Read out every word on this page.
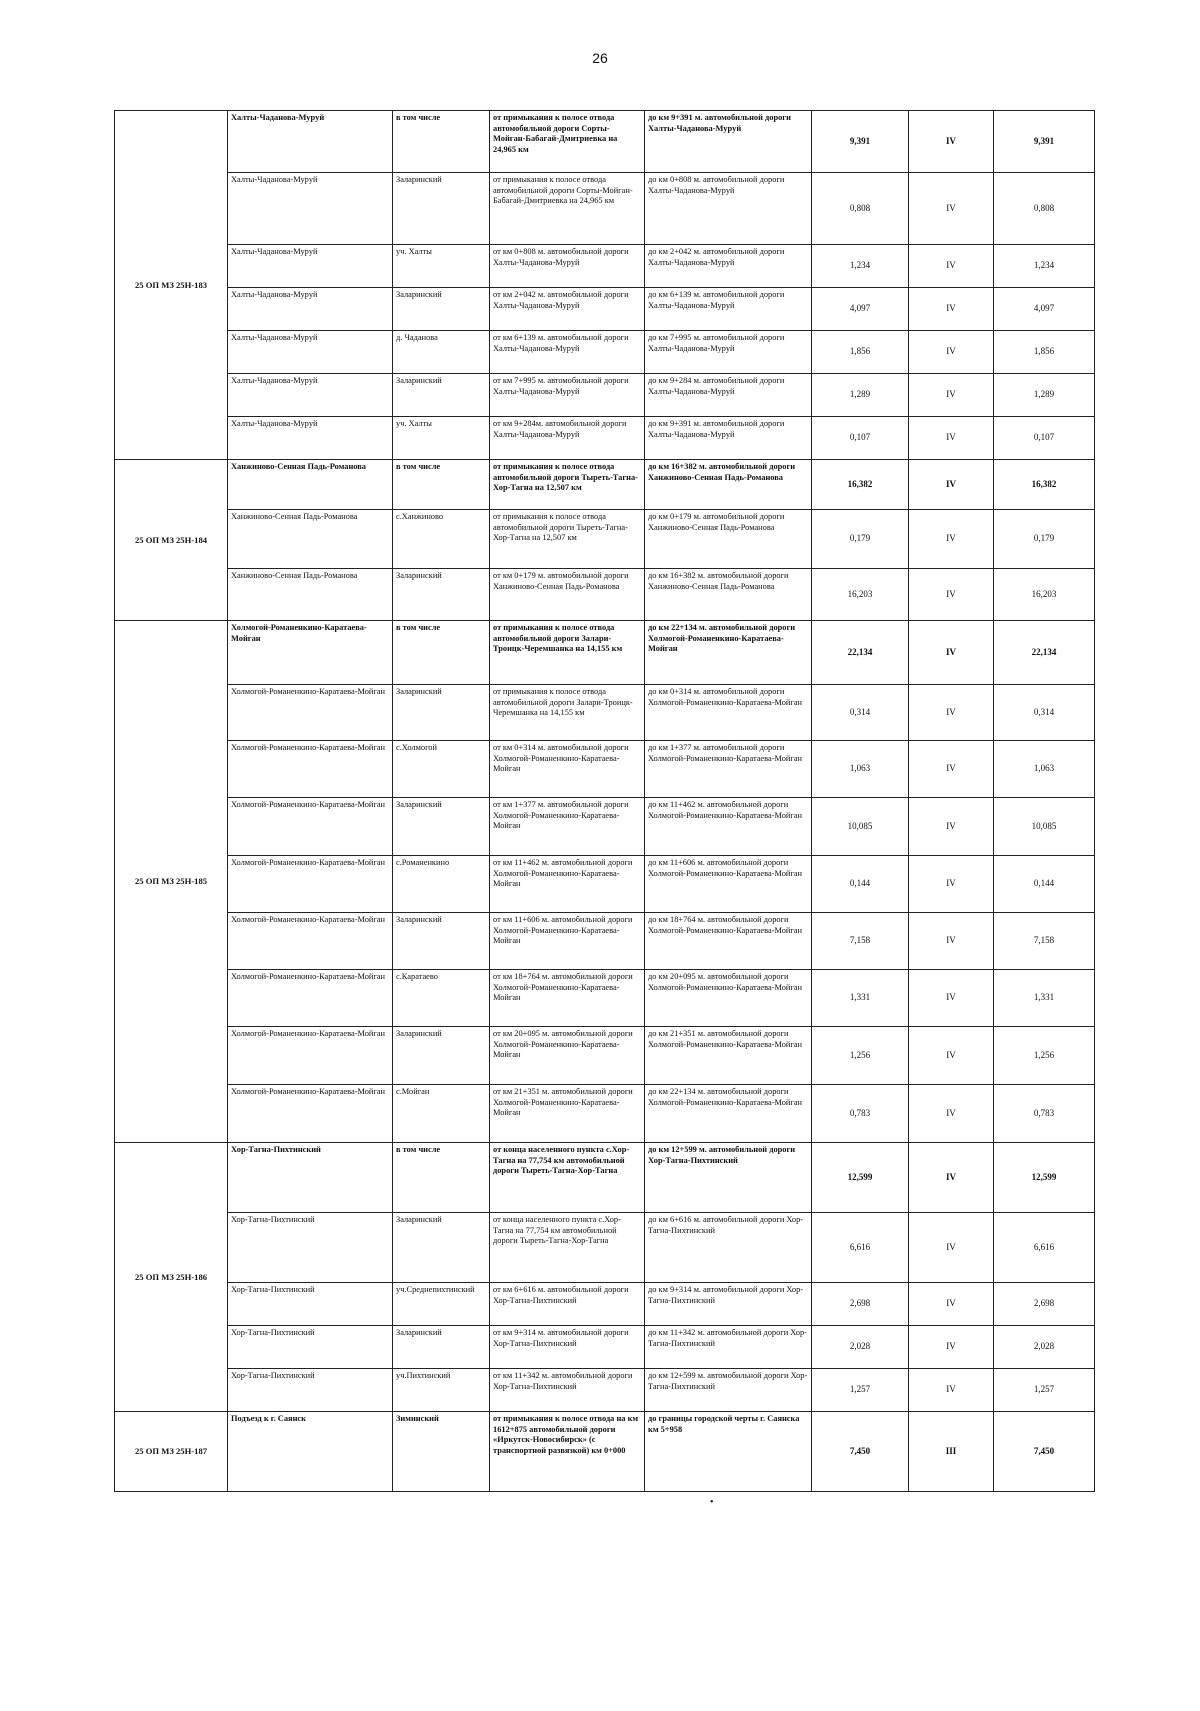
26
25 ОП МЗ 25Н-183	Халты-Чаданова-Мурyй	в том числе	от примыкания к полосе отвода автомобильной дороги Сорты-Мойган-Бабагай-Дмитриевка на 24,965 км	до км 9+391 м. автомобильной дороги Халты-Чаданова-Мурyй	9,391	IV	9,391
	Халты-Чаданова-Мурyй	Заларинский	от примыкания к полосе отвода автомобильной дороги Сорты-Мойган-Бабагай-Дмитриевка на 24,965 км	до км 0+808 м. автомобильной дороги Халты-Чаданова-Мурyй	0,808	IV	0,808
	Халты-Чаданова-Мурyй	уч. Халты	от км 0+808 м. автомобильной дороги Халты-Чаданова-Мурyй	до км 2+042 м. автомобильной дороги Халты-Чаданова-Мурyй	1,234	IV	1,234
	Халты-Чаданова-Мурyй	Заларинский	от км 2+042 м. автомобильной дороги Халты-Чаданова-Мурyй	до км 6+139 м. автомобильной дороги Халты-Чаданова-Мурyй	4,097	IV	4,097
	Халты-Чаданова-Мурyй	д. Чаданова	от км 6+139 м. автомобильной дороги Халты-Чаданова-Мурyй	до км 7+995 м. автомобильной дороги Халты-Чаданова-Мурyй	1,856	IV	1,856
	Халты-Чаданова-Мурyй	Заларинский	от км 7+995 м. автомобильной дороги Халты-Чаданова-Мурyй	до км 9+284 м. автомобильной дороги Халты-Чаданова-Мурyй	1,289	IV	1,289
	Халты-Чаданова-Мурyй	уч. Халты	от км 9+284м. автомобильной дороги Халты-Чаданова-Мурyй	до км 9+391 м. автомобильной дороги Халты-Чаданова-Мурyй	0,107	IV	0,107
25 ОП МЗ 25Н-184	Ханжиново-Сенная Падь-Романова	в том числе	от примыкания к полосе отвода автомобильной дороги Тыреть-Тагна-Хор-Тагна на 12,507 км	до км 16+382 м. автомобильной дороги Ханжиново-Сенная Падь-Романова	16,382	IV	16,382
	Ханжиново-Сенная Падь-Романова	с.Ханжиново	от примыкания к полосе отвода автомобильной дороги Тыреть-Тагна-Хор-Тагна на 12,507 км	до км 0+179 м. автомобильной дороги Ханжиново-Сенная Падь-Романова	0,179	IV	0,179
	Ханжиново-Сенная Падь-Романова	Заларинский	от км 0+179 м. автомобильной дороги Ханжиново-Сенная Падь-Романова	до км 16+382 м. автомобильной дороги Ханжиново-Сенная Падь-Романова	16,203	IV	16,203
25 ОП МЗ 25Н-185	Холмогой-Романенкино-Каратаева-Мойган	в том числе	от примыкания к полосе отвода автомобильной дороги Залари-Троицк-Черемшанка на 14,155 км	до км 22+134 м. автомобильной дороги Холмогой-Романенкино-Каратаева-Мойган	22,134	IV	22,134
	Холмогой-Романенкино-Каратаева-Мойган	Заларинский	от примыкания к полосе отвода автомобильной дороги Залари-Троицк-Черемшанка на 14,155 км	до км 0+314 м. автомобильной дороги Холмогой-Романенкино-Каратаева-Мойган	0,314	IV	0,314
	Холмогой-Романенкино-Каратаева-Мойган	с.Холмогой	от км 0+314 м. автомобильной дороги Холмогой-Романенкино-Каратаева-Мойган	до км 1+377 м. автомобильной дороги Холмогой-Романенкино-Каратаева-Мойган	1,063	IV	1,063
	Холмогой-Романенкино-Каратаева-Мойган	Заларинский	от км 1+377 м. автомобильной дороги Холмогой-Романенкино-Каратаева-Мойган	до км 11+462 м. автомобильной дороги Холмогой-Романенкино-Каратаева-Мойган	10,085	IV	10,085
	Холмогой-Романенкино-Каратаева-Мойган	с.Романенкино	от км 11+462 м. автомобильной дороги Холмогой-Романенкино-Каратаева-Мойган	до км 11+606 м. автомобильной дороги Холмогой-Романенкино-Каратаева-Мойган	0,144	IV	0,144
	Холмогой-Романенкино-Каратаева-Мойган	Заларинский	от км 11+606 м. автомобильной дороги Холмогой-Романенкино-Каратаева-Мойган	до км 18+764 м. автомобильной дороги Холмогой-Романенкино-Каратаева-Мойган	7,158	IV	7,158
	Холмогой-Романенкино-Каратаева-Мойган	с.Каратаево	от км 18+764 м. автомобильной дороги Холмогой-Романенкино-Каратаева-Мойган	до км 20+095 м. автомобильной дороги Холмогой-Романенкино-Каратаева-Мойган	1,331	IV	1,331
	Холмогой-Романенкино-Каратаева-Мойган	Заларинский	от км 20+095 м. автомобильной дороги Холмогой-Романенкино-Каратаева-Мойган	до км 21+351 м. автомобильной дороги Холмогой-Романенкино-Каратаева-Мойган	1,256	IV	1,256
	Холмогой-Романенкино-Каратаева-Мойган	с.Мойган	от км 21+351 м. автомобильной дороги Холмогой-Романенкино-Каратаева-Мойган	до км 22+134 м. автомобильной дороги Холмогой-Романенкино-Каратаева-Мойган	0,783	IV	0,783
25 ОП МЗ 25Н-186	Хор-Тагна-Пихтинский	в том числе	от конца населенного пункта с.Хор-Тагна на 77,754 км автомобильной дороги Тыреть-Тагна-Хор-Тагна	до км 12+599 м. автомобильной дороги Хор-Тагна-Пихтинский	12,599	IV	12,599
	Хор-Тагна-Пихтинский	Заларинский	от конца населенного пункта с.Хор-Тагна на 77,754 км автомобильной дороги Тыреть-Тагна-Хор-Тагна	до км 6+616 м. автомобильной дороги Хор-Тагна-Пихтинский	6,616	IV	6,616
	Хор-Тагна-Пихтинский	уч.Среднепихтинский	от км 6+616 м. автомобильной дороги Хор-Тагна-Пихтинский	до км 9+314 м. автомобильной дороги Хор-Тагна-Пихтинский	2,698	IV	2,698
	Хор-Тагна-Пихтинский	Заларинский	от км 9+314 м. автомобильной дороги Хор-Тагна-Пихтинский	до км 11+342 м. автомобильной дороги Хор-Тагна-Пихтинский	2,028	IV	2,028
	Хор-Тагна-Пихтинский	уч.Пихтинский	от км 11+342 м. автомобильной дороги Хор-Тагна-Пихтинский	до км 12+599 м. автомобильной дороги Хор-Тагна-Пихтинский	1,257	IV	1,257
25 ОП МЗ 25Н-187	Подъезд к г. Саянск	Зиминский	от примыкания к полосе отвода на км 1612+875 автомобильной дороги «Иркутск-Новосибирск» (с транспортной развязкой) км 0+000	до границы городской черты г. Саянска км 5+958	7,450	III	7,450
•
